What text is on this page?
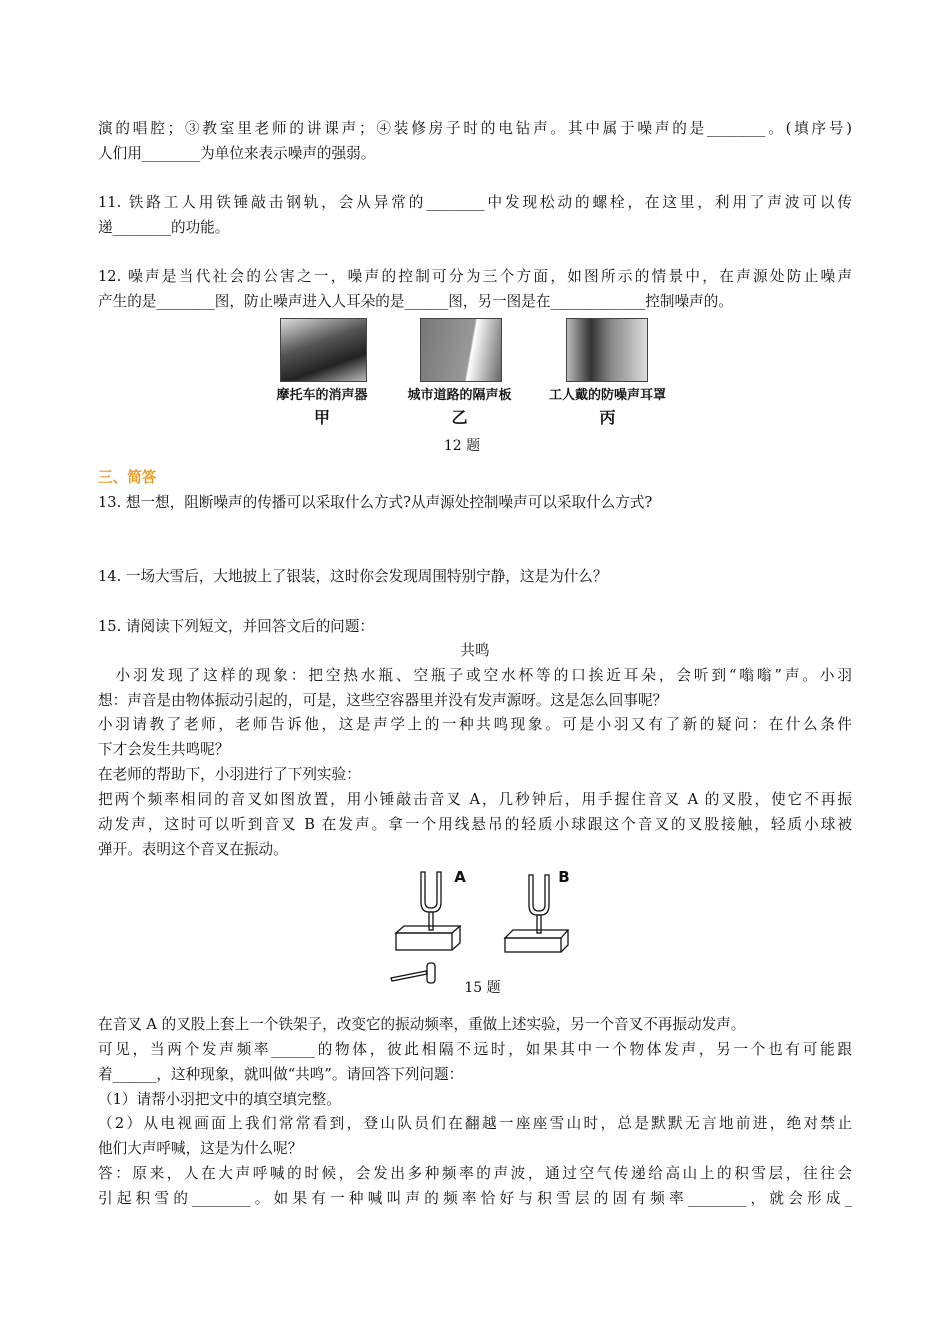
演的唱腔；③教室里老师的讲课声；④装修房子时的电钻声。其中属于噪声的是________。(填序号)
人们用________为单位来表示噪声的强弱。
11. 铁路工人用铁锤敲击钢轨，会从异常的________中发现松动的螺栓，在这里，利用了声波可以传
递________的功能。
12. 噪声是当代社会的公害之一，噪声的控制可分为三个方面，如图所示的情景中，在声源处防止噪声
产生的是________图，防止噪声进入人耳朵的是______图，另一图是在_____________控制噪声的。
摩托车的消声器	城市道路的隔声板	工人戴的防噪声耳罩
甲	乙	丙
12 题
三、简答
13. 想一想，阻断噪声的传播可以采取什么方式?从声源处控制噪声可以采取什么方式?
14. 一场大雪后，大地披上了银装，这时你会发现周围特别宁静，这是为什么？
15. 请阅读下列短文，并回答文后的问题：
共鸣
　小羽发现了这样的现象：把空热水瓶、空瓶子或空水杯等的口挨近耳朵，会听到“嗡嗡”声。小羽
想：声音是由物体振动引起的，可是，这些空容器里并没有发声源呀。这是怎么回事呢？
小羽请教了老师，老师告诉他，这是声学上的一种共鸣现象。可是小羽又有了新的疑问：在什么条件
下才会发生共鸣呢？
在老师的帮助下，小羽进行了下列实验：
把两个频率相同的音叉如图放置，用小锤敲击音叉 A，几秒钟后，用手握住音叉 A 的叉股，使它不再振
动发声，这时可以听到音叉 B 在发声。拿一个用线悬吊的轻质小球跟这个音叉的叉股接触，轻质小球被
弹开。表明这个音叉在振动。
A	B
15 题
在音叉 A 的叉股上套上一个铁架子，改变它的振动频率，重做上述实验，另一个音叉不再振动发声。
可见，当两个发声频率______的物体，彼此相隔不远时，如果其中一个物体发声，另一个也有可能跟
着______，这种现象，就叫做“共鸣”。请回答下列问题：
（1）请帮小羽把文中的填空填完整。
（2）从电视画面上我们常常看到，登山队员们在翻越一座座雪山时，总是默默无言地前进，绝对禁止
他们大声呼喊，这是为什么呢？
答：原来，人在大声呼喊的时候，会发出多种频率的声波，通过空气传递给高山上的积雪层，往往会
引起积雪的________。如果有一种喊叫声的频率恰好与积雪层的固有频率________，就会形成_
